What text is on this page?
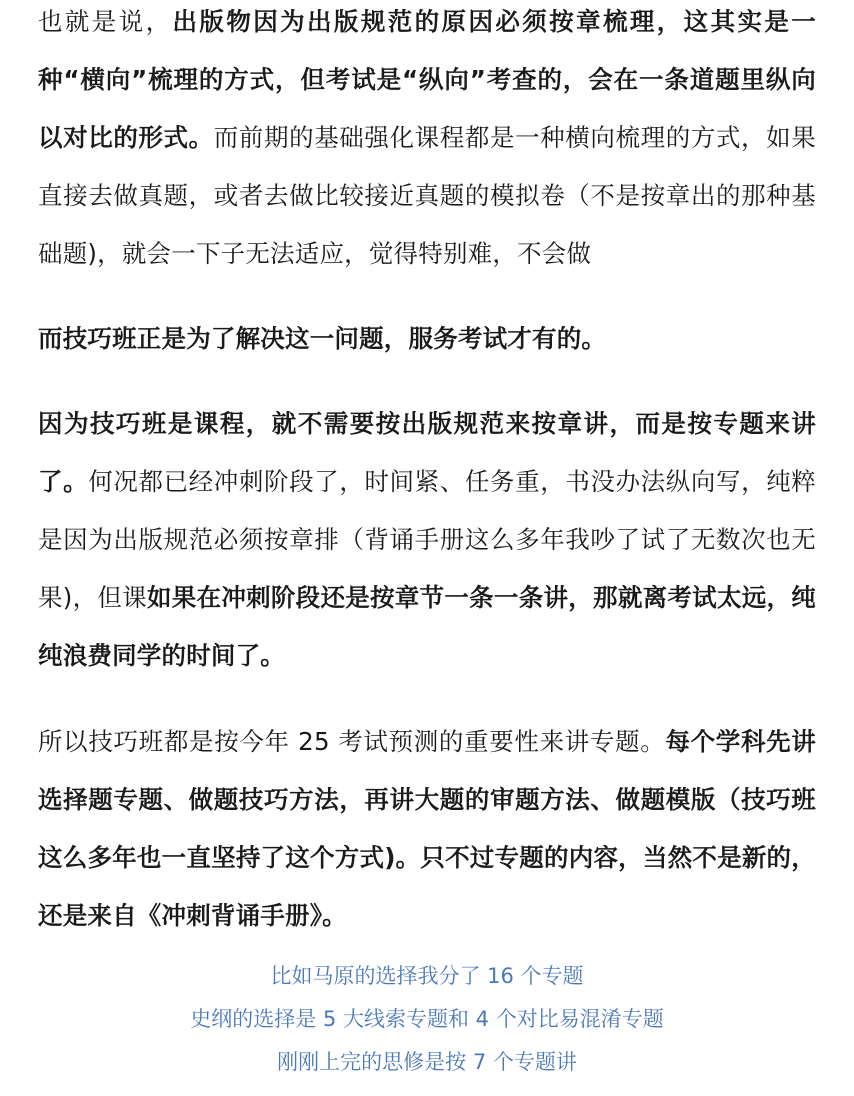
也就是说，出版物因为出版规范的原因必须按章梳理，这其实是一种“横向”梳理的方式，但考试是“纵向”考查的，会在一条道题里纵向以对比的形式。而前期的基础强化课程都是一种横向梳理的方式，如果直接去做真题，或者去做比较接近真题的模拟卷（不是按章出的那种基础题)，就会一下子无法适应，觉得特别难，不会做

而技巧班正是为了解决这一问题，服务考试才有的。

因为技巧班是课程，就不需要按出版规范来按章讲，而是按专题来讲了。何况都已经冲刺阶段了，时间紧、任务重，书没办法纵向写，纯粹是因为出版规范必须按章排（背诵手册这么多年我吵了试了无数次也无果)，但课如果在冲刺阶段还是按章节一条一条讲，那就离考试太远，纯纯浪费同学的时间了。

所以技巧班都是按今年 25 考试预测的重要性来讲专题。每个学科先讲选择题专题、做题技巧方法，再讲大题的审题方法、做题模版（技巧班这么多年也一直坚持了这个方式)。只不过专题的内容，当然不是新的，还是来自《冲刺背诵手册》。

比如马原的选择我分了 16 个专题
史纲的选择是 5 大线索专题和 4 个对比易混淆专题
刚刚上完的思修是按 7 个专题讲
